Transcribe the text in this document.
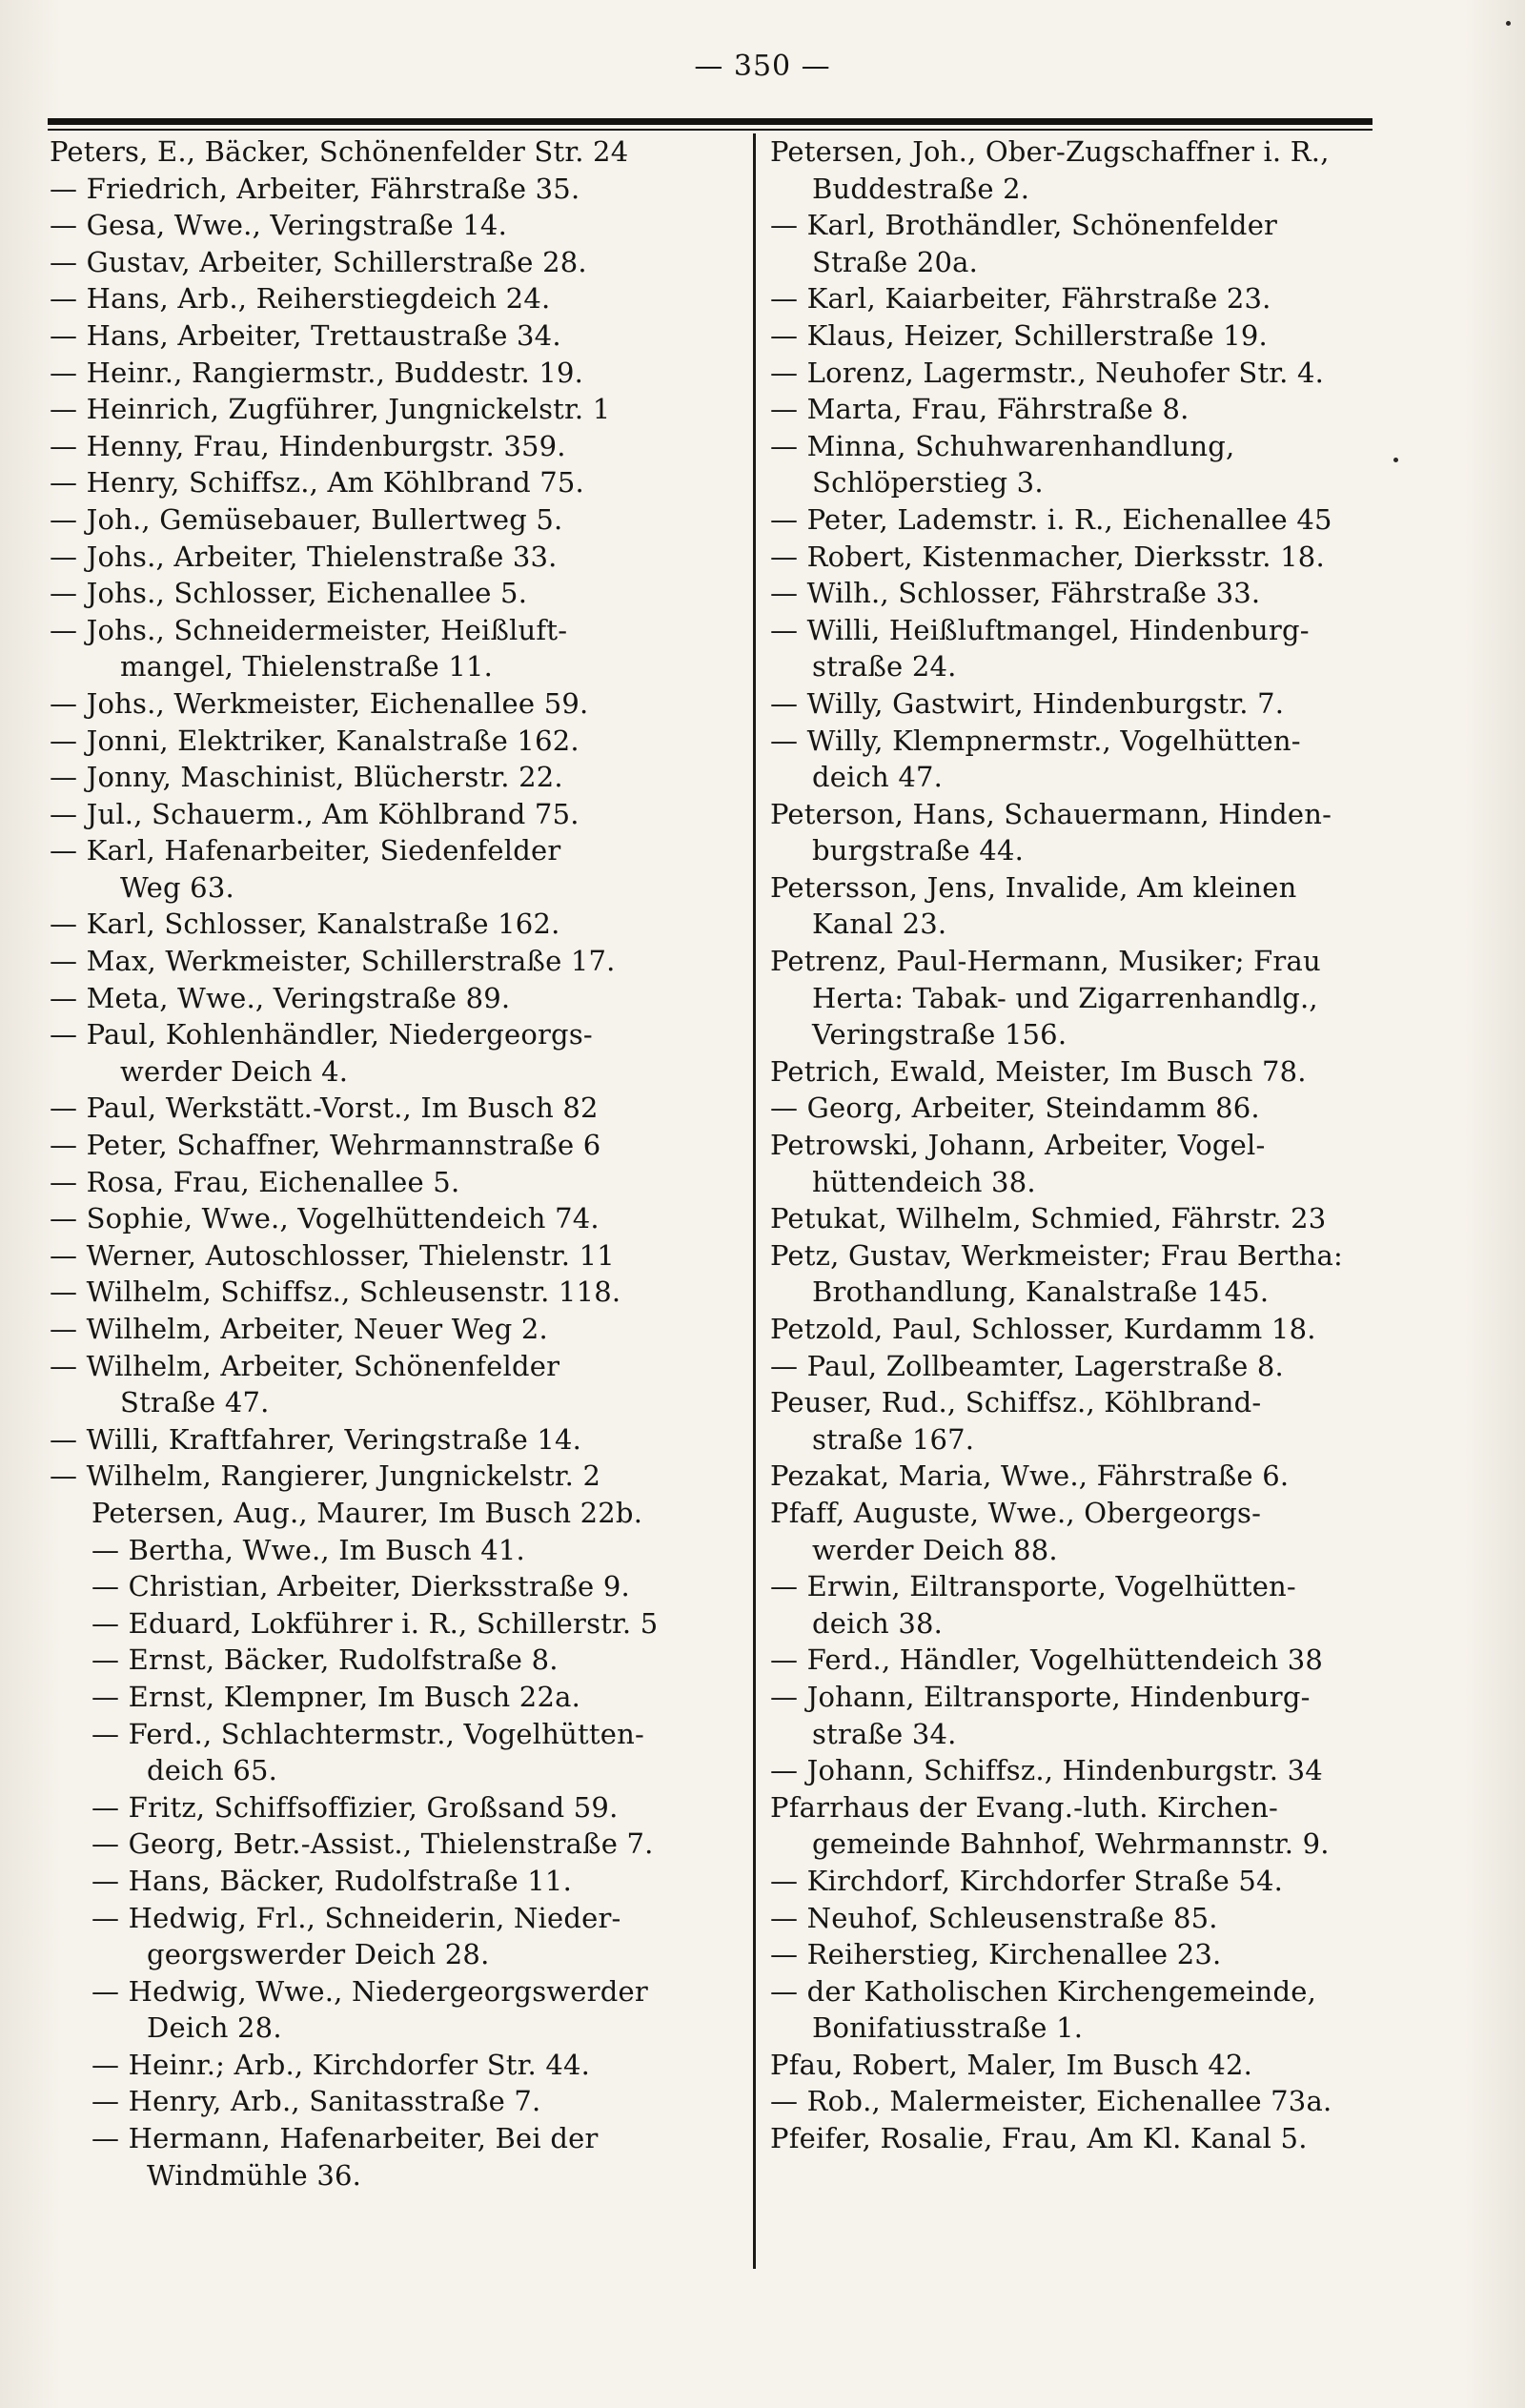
— 350 —
Peters, E., Bäcker, Schönenfelder Str. 24
— Friedrich, Arbeiter, Fährstraße 35.
— Gesa, Wwe., Veringstraße 14.
— Gustav, Arbeiter, Schillerstraße 28.
— Hans, Arb., Reiherstiegdeich 24.
— Hans, Arbeiter, Trettaustraße 34.
— Heinr., Rangiermstr., Buddestr. 19.
— Heinrich, Zugführer, Jungnickelstr. 1
— Henny, Frau, Hindenburgstr. 359.
— Henry, Schiffsz., Am Köhlbrand 75.
— Joh., Gemüsebauer, Bullertweg 5.
— Johs., Arbeiter, Thielenstraße 33.
— Johs., Schlosser, Eichenallee 5.
— Johs., Schneidermeister, Heißluft-
mangel, Thielenstraße 11.
— Johs., Werkmeister, Eichenallee 59.
— Jonni, Elektriker, Kanalstraße 162.
— Jonny, Maschinist, Blücherstr. 22.
— Jul., Schauerm., Am Köhlbrand 75.
— Karl, Hafenarbeiter, Siedenfelder
Weg 63.
— Karl, Schlosser, Kanalstraße 162.
— Max, Werkmeister, Schillerstraße 17.
— Meta, Wwe., Veringstraße 89.
— Paul, Kohlenhändler, Niedergeorgs-
werder Deich 4.
— Paul, Werkstätt.-Vorst., Im Busch 82
— Peter, Schaffner, Wehrmannstraße 6
— Rosa, Frau, Eichenallee 5.
— Sophie, Wwe., Vogelhüttendeich 74.
— Werner, Autoschlosser, Thielenstr. 11
— Wilhelm, Schiffsz., Schleusenstr. 118.
— Wilhelm, Arbeiter, Neuer Weg 2.
— Wilhelm, Arbeiter, Schönenfelder
Straße 47.
— Willi, Kraftfahrer, Veringstraße 14.
— Wilhelm, Rangierer, Jungnickelstr. 2
Petersen, Aug., Maurer, Im Busch 22b.
— Bertha, Wwe., Im Busch 41.
— Christian, Arbeiter, Dierksstraße 9.
— Eduard, Lokführer i. R., Schillerstr. 5
— Ernst, Bäcker, Rudolfstraße 8.
— Ernst, Klempner, Im Busch 22a.
— Ferd., Schlachtermstr., Vogelhütten-
deich 65.
— Fritz, Schiffsoffizier, Großsand 59.
— Georg, Betr.-Assist., Thielenstraße 7.
— Hans, Bäcker, Rudolfstraße 11.
— Hedwig, Frl., Schneiderin, Nieder-
georgswerder Deich 28.
— Hedwig, Wwe., Niedergeorgswerder
Deich 28.
— Heinr.; Arb., Kirchdorfer Str. 44.
— Henry, Arb., Sanitasstraße 7.
— Hermann, Hafenarbeiter, Bei der
Windmühle 36.
Petersen, Joh., Ober-Zugschaffner i. R.,
Buddestraße 2.
— Karl, Brothändler, Schönenfelder
Straße 20a.
— Karl, Kaiarbeiter, Fährstraße 23.
— Klaus, Heizer, Schillerstraße 19.
— Lorenz, Lagermstr., Neuhofer Str. 4.
— Marta, Frau, Fährstraße 8.
— Minna, Schuhwarenhandlung,
Schlöperstieg 3.
— Peter, Lademstr. i. R., Eichenallee 45
— Robert, Kistenmacher, Dierksstr. 18.
— Wilh., Schlosser, Fährstraße 33.
— Willi, Heißluftmangel, Hindenburg-
straße 24.
— Willy, Gastwirt, Hindenburgstr. 7.
— Willy, Klempnermstr., Vogelhütten-
deich 47.
Peterson, Hans, Schauermann, Hinden-
burgstraße 44.
Petersson, Jens, Invalide, Am kleinen
Kanal 23.
Petrenz, Paul-Hermann, Musiker; Frau
Herta: Tabak- und Zigarrenhandlg.,
Veringstraße 156.
Petrich, Ewald, Meister, Im Busch 78.
— Georg, Arbeiter, Steindamm 86.
Petrowski, Johann, Arbeiter, Vogel-
hüttendeich 38.
Petukat, Wilhelm, Schmied, Fährstr. 23
Petz, Gustav, Werkmeister; Frau Bertha:
Brothandlung, Kanalstraße 145.
Petzold, Paul, Schlosser, Kurdamm 18.
— Paul, Zollbeamter, Lagerstraße 8.
Peuser, Rud., Schiffsz., Köhlbrand-
straße 167.
Pezakat, Maria, Wwe., Fährstraße 6.
Pfaff, Auguste, Wwe., Obergeorgs-
werder Deich 88.
— Erwin, Eiltransporte, Vogelhütten-
deich 38.
— Ferd., Händler, Vogelhüttendeich 38
— Johann, Eiltransporte, Hindenburg-
straße 34.
— Johann, Schiffsz., Hindenburgstr. 34
Pfarrhaus der Evang.-luth. Kirchen-
gemeinde Bahnhof, Wehrmannstr. 9.
— Kirchdorf, Kirchdorfer Straße 54.
— Neuhof, Schleusenstraße 85.
— Reiherstieg, Kirchenallee 23.
— der Katholischen Kirchengemeinde,
Bonifatiusstraße 1.
Pfau, Robert, Maler, Im Busch 42.
— Rob., Malermeister, Eichenallee 73a.
Pfeifer, Rosalie, Frau, Am Kl. Kanal 5.
